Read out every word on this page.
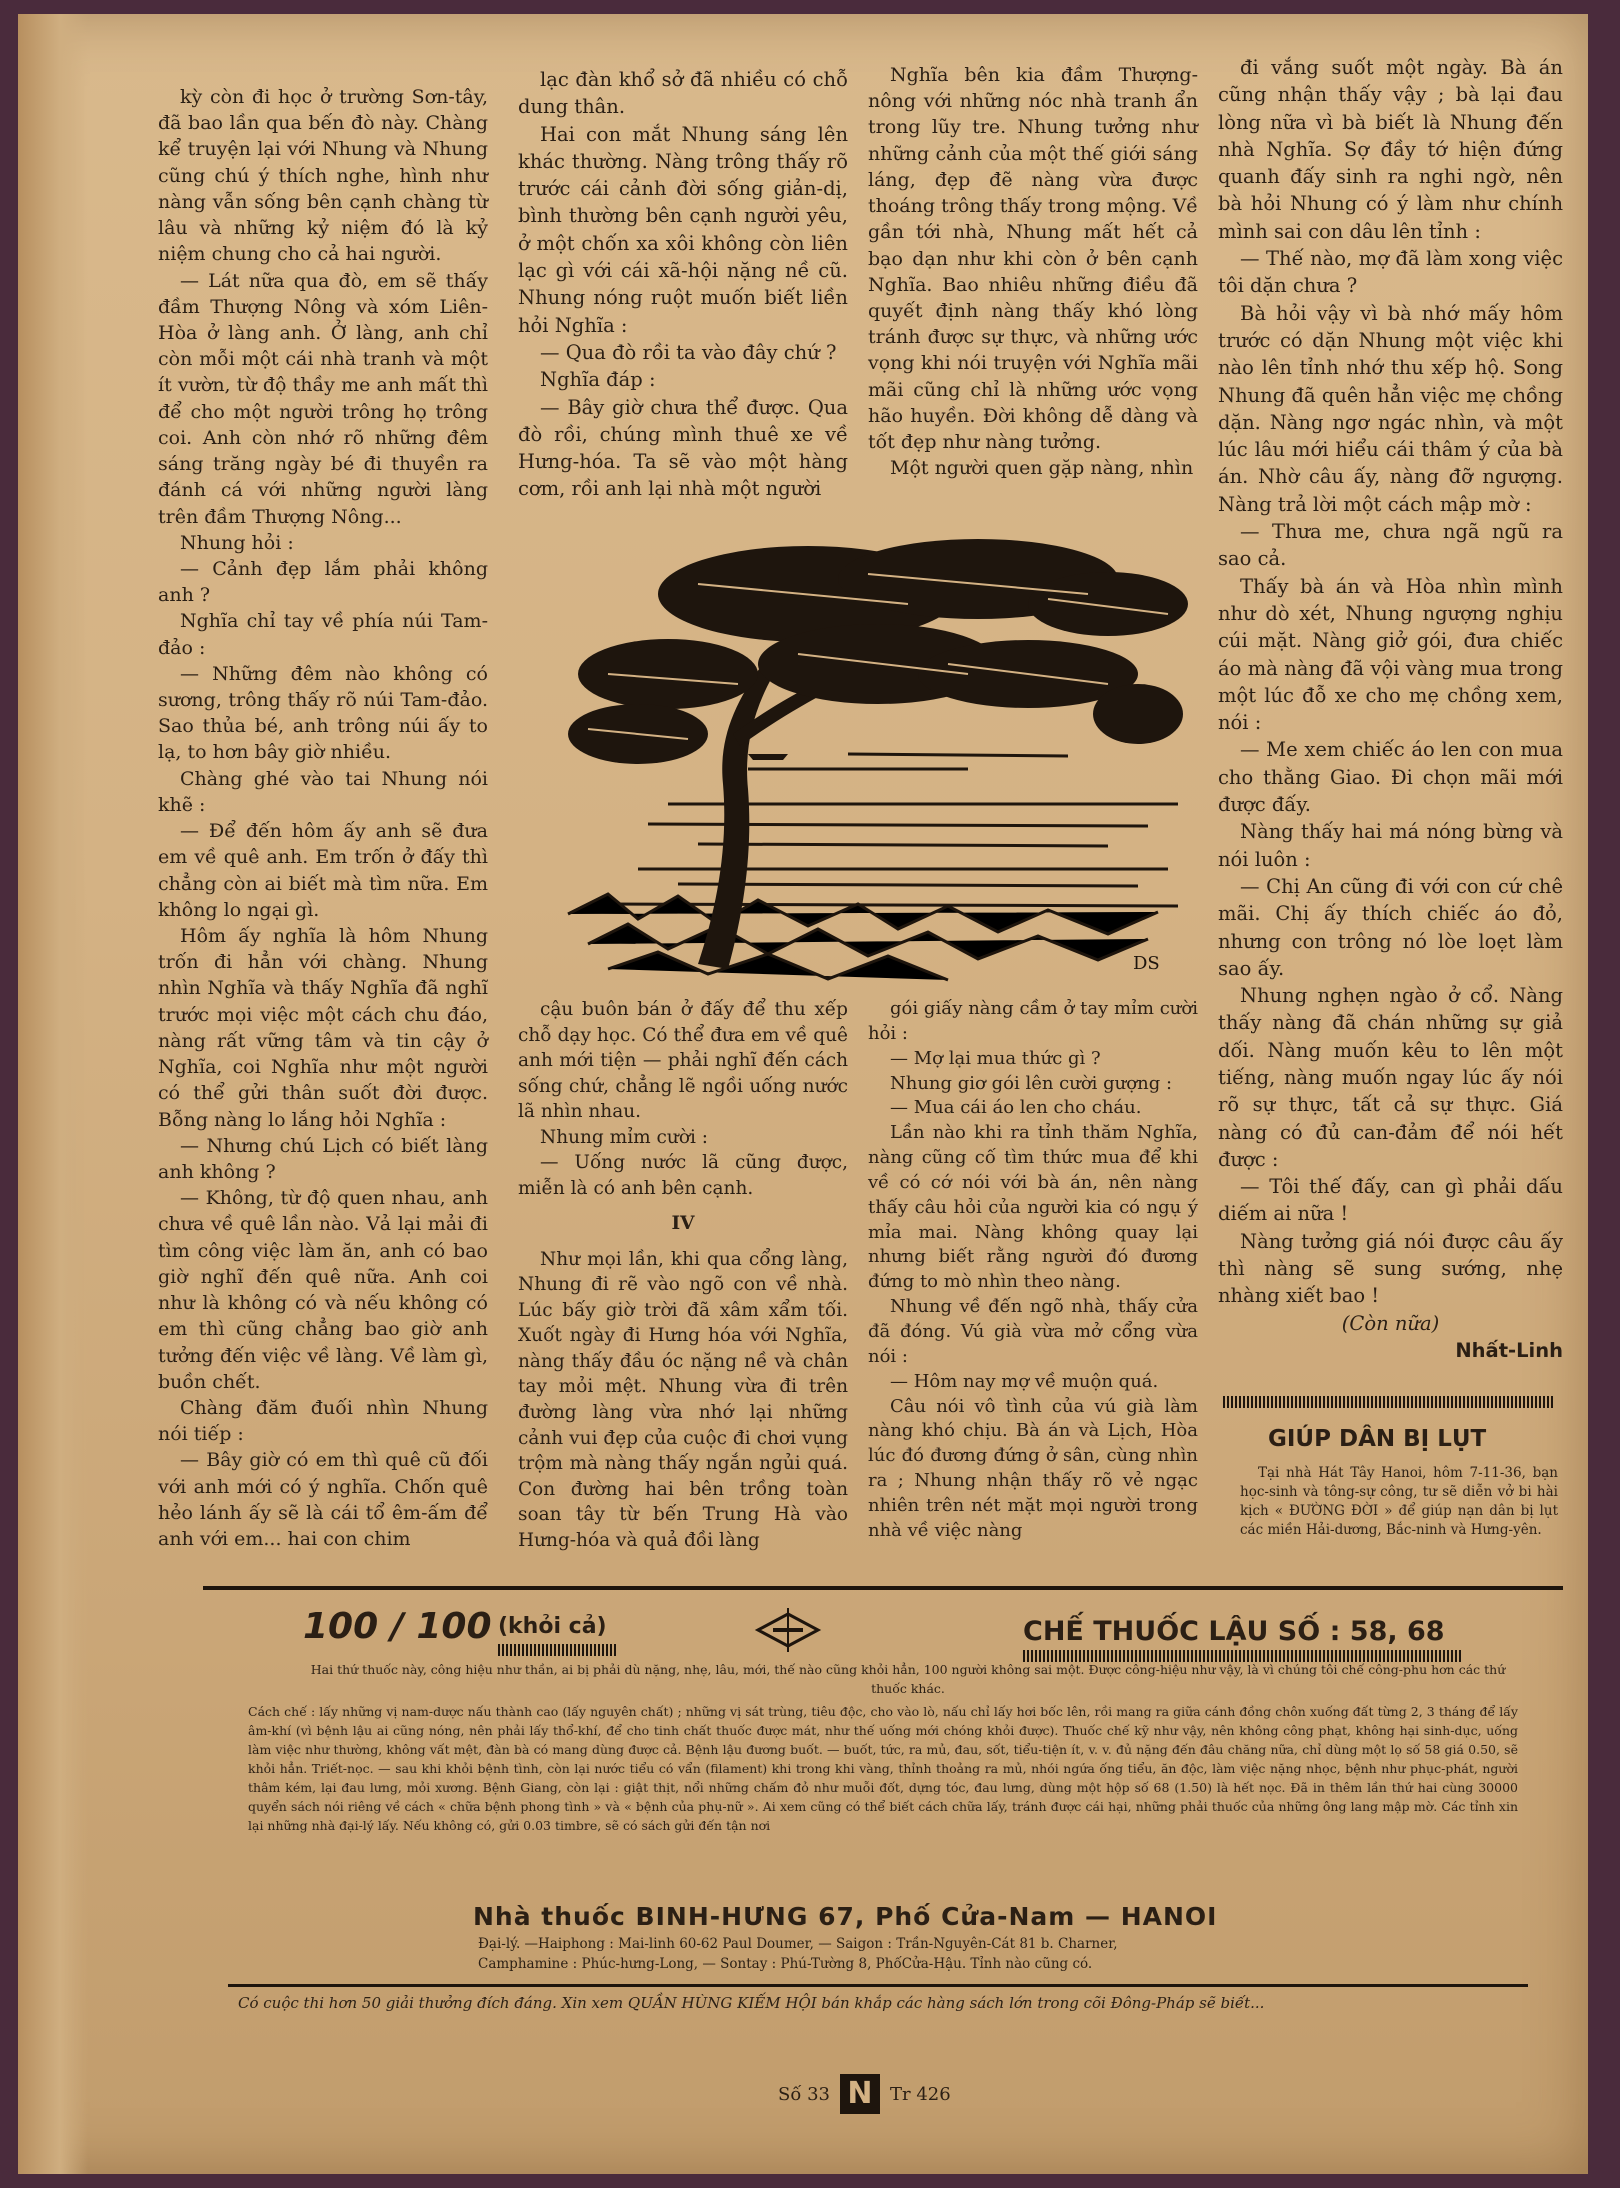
kỳ còn đi học ở trường Sơn-tây, đã bao lần qua bến đò này. Chàng kể truyện lại với Nhung và Nhung cũng chú ý thích nghe, hình như nàng vẫn sống bên cạnh chàng từ lâu và những kỷ niệm đó là kỷ niệm chung cho cả hai người.

— Lát nữa qua đò, em sẽ thấy đầm Thượng Nông và xóm Liên-Hòa ở làng anh. Ở làng, anh chỉ còn mỗi một cái nhà tranh và một ít vườn, từ độ thầy me anh mất thì để cho một người trông họ trông coi. Anh còn nhớ rõ những đêm sáng trăng ngày bé đi thuyền ra đánh cá với những người làng trên đầm Thượng Nông...

Nhung hỏi :

— Cảnh đẹp lắm phải không anh ?

Nghĩa chỉ tay về phía núi Tam-đảo :

— Những đêm nào không có sương, trông thấy rõ núi Tam-đảo. Sao thủa bé, anh trông núi ấy to lạ, to hơn bây giờ nhiều.

Chàng ghé vào tai Nhung nói khẽ :

— Để đến hôm ấy anh sẽ đưa em về quê anh. Em trốn ở đấy thì chẳng còn ai biết mà tìm nữa. Em không lo ngại gì.

Hôm ấy nghĩa là hôm Nhung trốn đi hẳn với chàng. Nhung nhìn Nghĩa và thấy Nghĩa đã nghĩ trước mọi việc một cách chu đáo, nàng rất vững tâm và tin cậy ở Nghĩa, coi Nghĩa như một người có thể gửi thân suốt đời được. Bỗng nàng lo lắng hỏi Nghĩa :

— Nhưng chú Lịch có biết làng anh không ?

— Không, từ độ quen nhau, anh chưa về quê lần nào. Vả lại mải đi tìm công việc làm ăn, anh có bao giờ nghĩ đến quê nữa. Anh coi như là không có và nếu không có em thì cũng chẳng bao giờ anh tưởng đến việc về làng. Về làm gì, buồn chết.

Chàng đăm đuối nhìn Nhung nói tiếp :

— Bây giờ có em thì quê cũ đối với anh mới có ý nghĩa. Chốn quê hẻo lánh ấy sẽ là cái tổ êm-ấm để anh với em... hai con chim

lạc đàn khổ sở đã nhiều có chỗ dung thân.

Hai con mắt Nhung sáng lên khác thường. Nàng trông thấy rõ trước cái cảnh đời sống giản-dị, bình thường bên cạnh người yêu, ở một chốn xa xôi không còn liên lạc gì với cái xã-hội nặng nề cũ. Nhung nóng ruột muốn biết liền hỏi Nghĩa :

— Qua đò rồi ta vào đây chứ ?

Nghĩa đáp :

— Bây giờ chưa thể được. Qua đò rồi, chúng mình thuê xe về Hưng-hóa. Ta sẽ vào một hàng cơm, rồi anh lại nhà một người

Nghĩa bên kia đầm Thượng-nông với những nóc nhà tranh ẩn trong lũy tre. Nhung tưởng như những cảnh của một thế giới sáng láng, đẹp đẽ nàng vừa được thoáng trông thấy trong mộng. Về gần tới nhà, Nhung mất hết cả bạo dạn như khi còn ở bên cạnh Nghĩa. Bao nhiêu những điều đã quyết định nàng thấy khó lòng tránh được sự thực, và những ước vọng khi nói truyện với Nghĩa mãi mãi cũng chỉ là những ước vọng hão huyền. Đời không dễ dàng và tốt đẹp như nàng tưởng.

Một người quen gặp nàng, nhìn

đi vắng suốt một ngày. Bà án cũng nhận thấy vậy ; bà lại đau lòng nữa vì bà biết là Nhung đến nhà Nghĩa. Sợ đầy tớ hiện đứng quanh đấy sinh ra nghi ngờ, nên bà hỏi Nhung có ý làm như chính mình sai con dâu lên tỉnh :

— Thế nào, mợ đã làm xong việc tôi dặn chưa ?

Bà hỏi vậy vì bà nhớ mấy hôm trước có dặn Nhung một việc khi nào lên tỉnh nhớ thu xếp hộ. Song Nhung đã quên hẳn việc mẹ chồng dặn. Nàng ngơ ngác nhìn, và một lúc lâu mới hiểu cái thâm ý của bà án. Nhờ câu ấy, nàng đỡ ngượng. Nàng trả lời một cách mập mờ :

— Thưa me, chưa ngã ngũ ra sao cả.

Thấy bà án và Hòa nhìn mình như dò xét, Nhung ngượng nghịu cúi mặt. Nàng giở gói, đưa chiếc áo mà nàng đã vội vàng mua trong một lúc đỗ xe cho mẹ chồng xem, nói :

— Me xem chiếc áo len con mua cho thằng Giao. Đi chọn mãi mới được đấy.

Nàng thấy hai má nóng bừng và nói luôn :

— Chị An cũng đi với con cứ chê mãi. Chị ấy thích chiếc áo đỏ, nhưng con trông nó lòe loẹt làm sao ấy.

Nhung nghẹn ngào ở cổ. Nàng thấy nàng đã chán những sự giả dối. Nàng muốn kêu to lên một tiếng, nàng muốn ngay lúc ấy nói rõ sự thực, tất cả sự thực. Giá nàng có đủ can-đảm để nói hết được :

— Tôi thế đấy, can gì phải dấu diếm ai nữa !

Nàng tưởng giá nói được câu ấy thì nàng sẽ sung sướng, nhẹ nhàng xiết bao !

(Còn nữa)

Nhất-Linh

DS

cậu buôn bán ở đấy để thu xếp chỗ dạy học. Có thể đưa em về quê anh mới tiện — phải nghĩ đến cách sống chứ, chẳng lẽ ngồi uống nước lã nhìn nhau.

Nhung mỉm cười :

— Uống nước lã cũng được, miễn là có anh bên cạnh.

IV

Như mọi lần, khi qua cổng làng, Nhung đi rẽ vào ngõ con về nhà. Lúc bấy giờ trời đã xâm xẩm tối. Xuốt ngày đi Hưng hóa với Nghĩa, nàng thấy đầu óc nặng nề và chân tay mỏi mệt. Nhung vừa đi trên đường làng vừa nhớ lại những cảnh vui đẹp của cuộc đi chơi vụng trộm mà nàng thấy ngắn ngủi quá. Con đường hai bên trồng toàn soan tây từ bến Trung Hà vào Hưng-hóa và quả đồi làng

gói giấy nàng cầm ở tay mỉm cười hỏi :

— Mợ lại mua thức gì ?

Nhung giơ gói lên cười gượng :

— Mua cái áo len cho cháu.

Lần nào khi ra tỉnh thăm Nghĩa, nàng cũng cố tìm thức mua để khi về có cớ nói với bà án, nên nàng thấy câu hỏi của người kia có ngụ ý mỉa mai. Nàng không quay lại nhưng biết rằng người đó đương đứng to mò nhìn theo nàng.

Nhung về đến ngõ nhà, thấy cửa đã đóng. Vú già vừa mở cổng vừa nói :

— Hôm nay mợ về muộn quá.

Câu nói vô tình của vú già làm nàng khó chịu. Bà án và Lịch, Hòa lúc đó đương đứng ở sân, cùng nhìn ra ; Nhung nhận thấy rõ vẻ ngạc nhiên trên nét mặt mọi người trong nhà về việc nàng

GIÚP DÂN BỊ LỤT
Tại nhà Hát Tây Hanoi, hôm 7-11-36, bạn học-sinh và tông-sự công, tư sẽ diễn vở bi hài kịch « ĐƯỜNG ĐỜI » để giúp nạn dân bị lụt các miền Hải-dương, Bắc-ninh và Hưng-yên.
100 / 100 (khỏi cả)	CHẾ THUỐC LẬU SỐ : 58, 68
Hai thứ thuốc này, công hiệu như thần, ai bị phải dù nặng, nhẹ, lâu, mới, thế nào cũng khỏi hẳn, 100 người không sai một. Được công-hiệu như vậy, là vì chúng tôi chế công-phu hơn các thứ thuốc khác.
Cách chế : lấy những vị nam-dược nấu thành cao (lấy nguyên chất) ; những vị sát trùng, tiêu độc, cho vào lò, nấu chỉ lấy hơi bốc lên, rồi mang ra giữa cánh đồng chôn xuống đất từng 2, 3 tháng để lấy âm-khí (vì bệnh lậu ai cũng nóng, nên phải lấy thổ-khí, để cho tinh chất thuốc được mát, như thế uống mới chóng khỏi được). Thuốc chế kỹ như vậy, nên không công phạt, không hại sinh-dục, uống làm việc như thường, không vất mệt, đàn bà có mang dùng được cả. Bệnh lậu đương buốt. — buốt, tức, ra mủ, đau, sốt, tiểu-tiện ít, v. v. đủ nặng đến đâu chăng nữa, chỉ dùng một lọ số 58 giá 0.50, sẽ khỏi hẳn. Triết-nọc. — sau khi khỏi bệnh tình, còn lại nước tiểu có vẩn (filament) khi trong khi vàng, thỉnh thoảng ra mủ, nhói ngứa ống tiểu, ăn độc, làm việc nặng nhọc, bệnh như phục-phát, người thâm kém, lại đau lưng, mỏi xương. Bệnh Giang, còn lại : giật thịt, nổi những chấm đỏ như muỗi đốt, dựng tóc, đau lưng, dùng một hộp số 68 (1.50) là hết nọc. Đã in thêm lần thứ hai cùng 30000 quyển sách nói riêng về cách « chữa bệnh phong tình » và « bệnh của phụ-nữ ». Ai xem cũng có thể biết cách chữa lấy, tránh được cái hại, những phải thuốc của những ông lang mập mờ. Các tỉnh xin lại những nhà đại-lý lấy. Nếu không có, gửi 0.03 timbre, sẽ có sách gửi đến tận nơi
Nhà thuốc BINH-HƯNG 67, Phố Cửa-Nam — HANOI
Đại-lý. —Haiphong : Mai-linh 60-62 Paul Doumer, — Saigon : Trần-Nguyên-Cát 81 b. Charner,
Camphamine : Phúc-hưng-Long, — Sontay : Phú-Tường 8, PhốCửa-Hậu. Tỉnh nào cũng có.
Có cuộc thi hơn 50 giải thưởng đích đáng. Xin xem QUẦN HÙNG KIẾM HỘI bán khắp các hàng sách lớn trong cõi Đông-Pháp sẽ biết...
Số 33 N Tr 426
